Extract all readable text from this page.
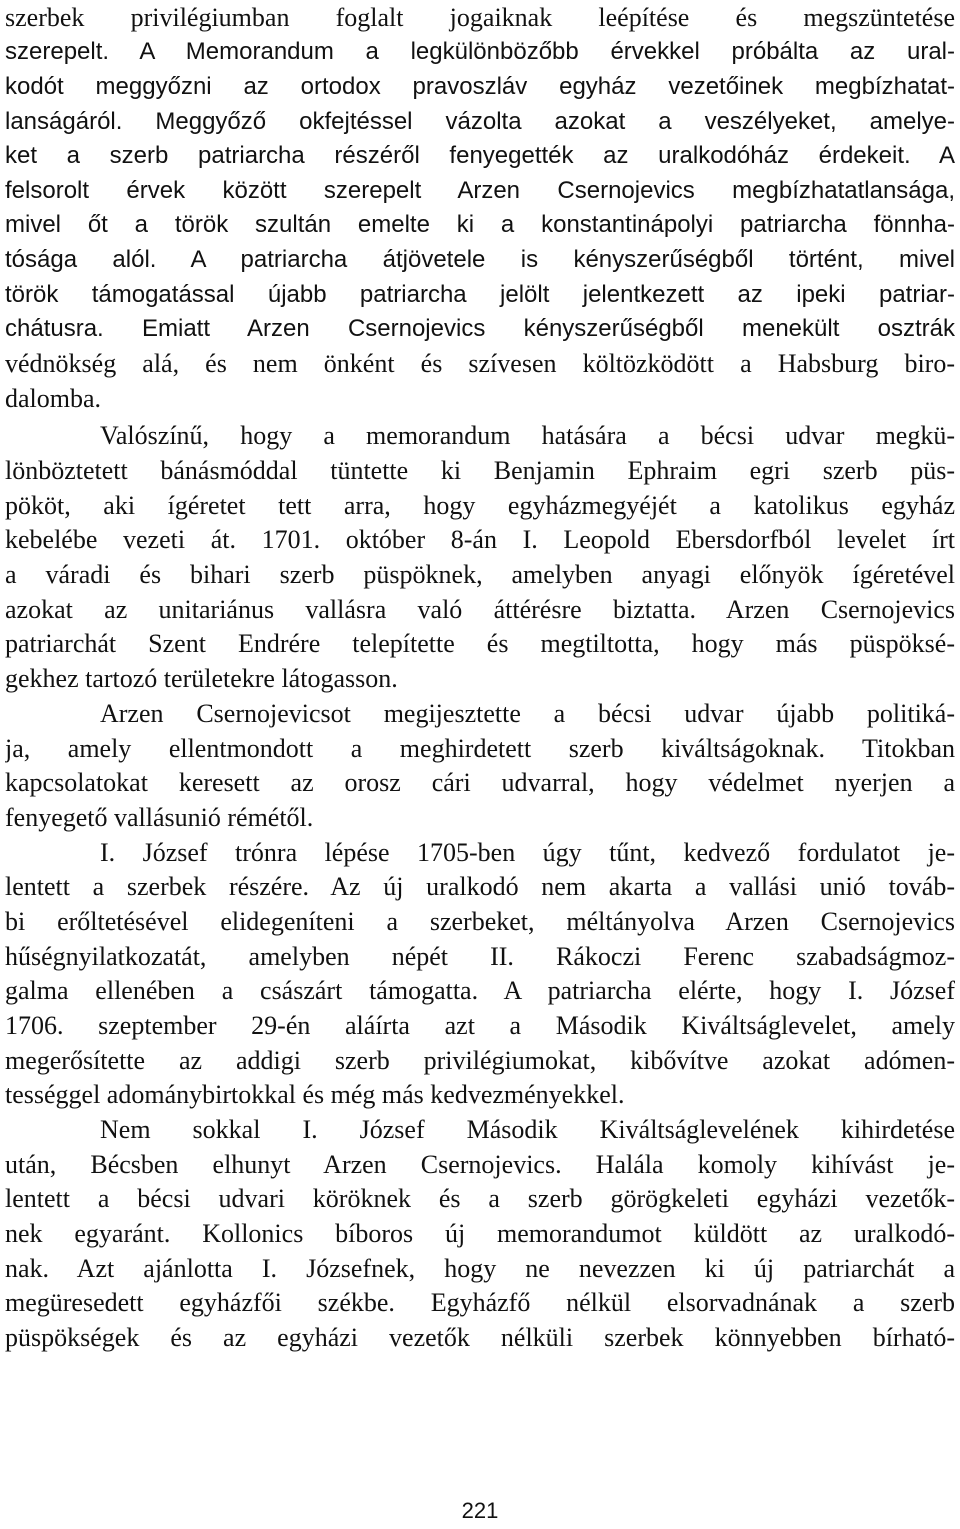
szerbek privilégiumban foglalt jogaiknak leépítése és megszüntetése
szerepelt. A Memorandum a legkülönbözőbb érvekkel próbálta az ural-
kodót meggyőzni az ortodox pravoszláv egyház vezetőinek megbízhatat-
lanságáról. Meggyőző okfejtéssel vázolta azokat a veszélyeket, amelye-
ket a szerb patriarcha részéről fenyegették az uralkodóház érdekeit. A
felsorolt érvek között szerepelt Arzen Csernojevics megbízhatatlansága,
mivel őt a török szultán emelte ki a konstantinápolyi patriarcha fönnha-
tósága alól. A patriarcha átjövetele is kényszerűségből történt, mivel
török támogatással újabb patriarcha jelölt jelentkezett az ipeki patriar-
chátusra. Emiatt Arzen Csernojevics kényszerűségből menekült osztrák
védnökség alá, és nem önként és szívesen költözködött a Habsburg biro-
dalomba.
Valószínű, hogy a memorandum hatására a bécsi udvar megkü-
lönböztetett bánásmóddal tüntette ki Benjamin Ephraim egri szerb püs-
pököt, aki ígéretet tett arra, hogy egyházmegyéjét a katolikus egyház
kebelébe vezeti át. 1701. október 8-án I. Leopold Ebersdorfból levelet írt
a váradi és bihari szerb püspöknek, amelyben anyagi előnyök ígéretével
azokat az unitariánus vallásra való áttérésre biztatta. Arzen Csernojevics
patriarchát Szent Endrére telepítette és megtiltotta, hogy más püspöksé-
gekhez tartozó területekre látogasson.
Arzen Csernojevicsot megijesztette a bécsi udvar újabb politiká-
ja, amely ellentmondott a meghirdetett szerb kiváltságoknak. Titokban
kapcsolatokat keresett az orosz cári udvarral, hogy védelmet nyerjen a
fenyegető vallásunió rémétől.
I. József trónra lépése 1705-ben úgy tűnt, kedvező fordulatot je-
lentett a szerbek részére. Az új uralkodó nem akarta a vallási unió továb-
bi erőltetésével elidegeníteni a szerbeket, méltányolva Arzen Csernojevics
hűségnyilatkozatát, amelyben népét II. Rákoczi Ferenc szabadságmoz-
galma ellenében a császárt támogatta. A patriarcha elérte, hogy I. József
1706. szeptember 29-én aláírta azt a Második Kiváltságlevelet, amely
megerősítette az addigi szerb privilégiumokat, kibővítve azokat adómen-
tességgel adománybirtokkal és még más kedvezményekkel.
Nem sokkal I. József Második Kiváltságlevelének kihirdetése
után, Bécsben elhunyt Arzen Csernojevics. Halála komoly kihívást je-
lentett a bécsi udvari köröknek és a szerb görögkeleti egyházi vezetők-
nek egyaránt. Kollonics bíboros új memorandumot küldött az uralkodó-
nak. Azt ajánlotta I. Józsefnek, hogy ne nevezzen ki új patriarchát a
megüresedett egyházfői székbe. Egyházfő nélkül elsorvadnának a szerb
püspökségek és az egyházi vezetők nélküli szerbek könnyebben bírható-
221
